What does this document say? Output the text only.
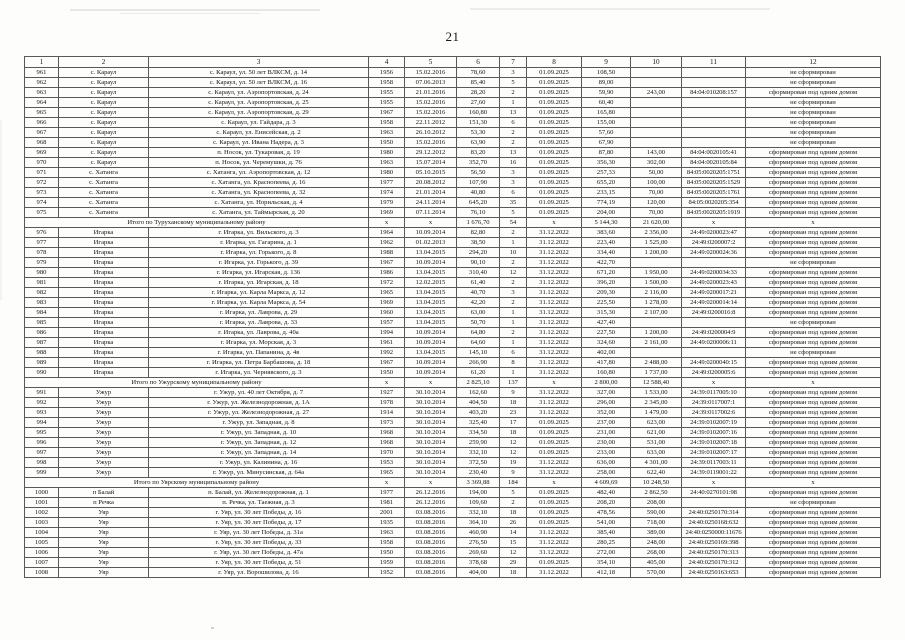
21
1	2	3	4	5	6	7	8	9	10	11	12
961	с. Караул	с. Караул, ул. 50 лет ВЛКСМ, д. 14	1956	15.02.2016	78,60	3	01.09.2025	108,50			не сформирован
962	с. Караул	с. Караул, ул. 50 лет ВЛКСМ, д. 16	1958	07.06.2013	85,40	5	01.09.2025	89,00			не сформирован
963	с. Караул	с. Караул, ул. Аэропортовская, д. 24	1955	21.01.2016	28,20	2	01.09.2025	59,90	243,00	84:04:010208:157	сформирован под одним домом
964	с. Караул	с. Караул, ул. Аэропортовская, д. 25	1955	15.02.2016	27,60	1	01.09.2025	60,40			не сформирован
965	с. Караул	с. Караул, ул. Аэропортовская, д. 29	1967	15.02.2016	160,80	13	01.09.2025	165,80			не сформирован
966	с. Караул	с. Караул, ул. Гайдара, д. 3	1958	22.11.2012	151,30	6	01.09.2025	155,00			не сформирован
967	с. Караул	с. Караул, ул. Енисейская, д. 2	1963	26.10.2012	53,30	2	01.09.2025	57,60			не сформирован
968	с. Караул	с. Караул, ул. Ивана Надера, д. 3	1950	15.02.2016	63,90	2	01.09.2025	67,90			не сформирован
969	с. Караул	п. Носок, ул. Тукаровая, д. 19	1980	29.12.2012	83,20	13	01.09.2025	87,80	143,00	84:04:0020105:41	сформирован под одним домом
970	с. Караул	п. Носок, ул. Черемушки, д. 76	1963	15.07.2014	352,70	16	01.09.2025	356,30	302,00	84:04:0020105:84	сформирован под одним домом
971	с. Хатанга	с. Хатанга, ул. Аэропортовская, д. 12	1980	05.10.2015	56,50	3	01.09.2025	257,33	50,00	84:05:0020205:1751	сформирован под одним домом
972	с. Хатанга	с. Хатанга, ул. Краснопеева, д. 16	1977	20.08.2012	107,90	3	01.09.2025	655,20	100,00	84:05:0020205:1529	сформирован под одним домом
973	с. Хатанга	с. Хатанга, ул. Краснопеева, д. 32	1974	21.01.2014	40,80	6	01.09.2025	233,15	70,00	84:05:0020205:1761	сформирован под одним домом
974	с. Хатанга	с. Хатанга, ул. Норильская, д. 4	1979	24.11.2014	645,20	35	01.09.2025	774,19	120,00	84:05:0020205:354	сформирован под одним домом
975	с. Хатанга	с. Хатанга, ул. Таймырская, д. 20	1969	07.11.2014	76,10	5	01.09.2025	204,00	70,00	84:05:0020205:1919	сформирован под одним домом
Итого по Туруханскому муниципальному району			х	х	1 676,70	54	х	5 144,30	21 620,00	х	х
976	Игарка	г. Игарка, ул. Вильского, д. 3	1964	10.09.2014	82,80	2	31.12.2022	383,60	2 356,00	24:49:0200023:47	сформирован под одним домом
977	Игарка	г. Игарка, ул. Гагарина, д. 1	1962	01.02.2013	38,50	1	31.12.2022	223,40	1 525,00	24:49:0200007:2	сформирован под одним домом
978	Игарка	г. Игарка, ул. Горького, д. 8	1988	13.04.2015	294,20	10	31.12.2022	334,40	1 200,00	24:49:0200024:36	сформирован под одним домом
979	Игарка	г. Игарка, ул. Горького, д. 39	1967	10.09.2014	90,10	2	31.12.2022	422,70			не сформирован
980	Игарка	г. Игарка, ул. Игарская, д. 136	1986	13.04.2015	310,40	12	31.12.2022	671,20	1 950,00	24:49:0200034:33	сформирован под одним домом
981	Игарка	г. Игарка, ул. Игарская, д. 18	1972	12.02.2015	61,40	2	31.12.2022	396,20	1 500,00	24:49:0200023:43	сформирован под одним домом
982	Игарка	г. Игарка, ул. Карла Маркса, д. 12	1965	13.04.2015	40,70	3	31.12.2022	209,30	2 116,00	24:49:0200017:21	сформирован под одним домом
983	Игарка	г. Игарка, ул. Карла Маркса, д. 54	1969	13.04.2015	42,20	2	31.12.2022	225,50	1 278,00	24:49:0200014:14	сформирован под одним домом
984	Игарка	г. Игарка, ул. Лаврова, д. 29	1960	13.04.2015	63,00	1	31.12.2022	315,30	2 107,00	24:49:0200016:8	сформирован под одним домом
985	Игарка	г. Игарка, ул. Лаврова, д. 33	1957	13.04.2015	50,70	1	31.12.2022	427,40			не сформирован
986	Игарка	г. Игарка, ул. Лаврова, д. 40а	1994	10.09.2014	64,80	2	31.12.2022	227,50	1 200,00	24:49:0200004:9	сформирован под одним домом
987	Игарка	г. Игарка, ул. Морская, д. 3	1961	10.09.2014	64,60	1	31.12.2022	324,60	2 161,00	24:49:0200006:11	сформирован под одним домом
988	Игарка	г. Игарка, ул. Папанина, д. 4в	1992	13.04.2015	145,10	6	31.12.2022	402,00			не сформирован
989	Игарка	г. Игарка, ул. Петра Барбашова, д. 18	1967	10.09.2014	266,90	8	31.12.2022	417,80	2 488,00	24:49:0200040:15	сформирован под одним домом
990	Игарка	г. Игарка, ул. Чернявского, д. 3	1950	10.09.2014	61,20	1	31.12.2022	160,80	1 737,00	24:49:0200005:6	сформирован под одним домом
Итого по Ужурскому муниципальному району			х	х	2 825,10	137	х	2 800,00	12 588,40	х	х
991	Ужур	г. Ужур, ул. 40 лет Октября, д. 7	1927	30.10.2014	162,60	9	31.12.2022	327,00	1 533,00	24:39:0117005:10	сформирован под одним домом
992	Ужур	г. Ужур, ул. Железнодорожная, д. 1А	1978	30.10.2014	404,50	18	31.12.2022	296,00	2 345,00	24:39:0117007:1	сформирован под одним домом
993	Ужур	г. Ужур, ул. Железнодорожная, д. 27	1914	30.10.2014	403,20	23	31.12.2022	352,00	1 479,00	24:39:0117002:6	сформирован под одним домом
994	Ужур	г. Ужур, ул. Западная, д. 8	1973	30.10.2014	325,40	17	01.09.2025	237,00	623,00	24:39:0102007:19	сформирован под одним домом
995	Ужур	г. Ужур, ул. Западная, д. 10	1968	30.10.2014	334,50	18	01.09.2025	231,00	621,00	24:39:0102007:16	сформирован под одним домом
996	Ужур	г. Ужур, ул. Западная, д. 12	1968	30.10.2014	259,90	12	01.09.2025	230,00	531,00	24:39:0102007:18	сформирован под одним домом
997	Ужур	г. Ужур, ул. Западная, д. 14	1970	30.10.2014	332,10	12	01.09.2025	233,00	633,00	24:39:0102007:17	сформирован под одним домом
998	Ужур	г. Ужур, ул. Калинина, д. 16	1953	30.10.2014	372,50	19	31.12.2022	636,00	4 301,00	24:39:0117003:11	сформирован под одним домом
999	Ужур	г. Ужур, ул. Минусинская, д. 64а	1965	30.10.2014	230,40	9	31.12.2022	258,00	622,40	24:39:0119001:22	сформирован под одним домом
Итого по Уярскому муниципальному району			х	х	3 369,88	184	х	4 609,69	10 248,50	х	х
1000	п Балай	п. Балай, ул. Железнодорожная, д. 1	1977	26.12.2016	194,00	5	01.09.2025	482,40	2 862,50	24:40:0270101:98	сформирован под одним домом
1001	п Речка	п. Речка, ул. Таежная, д. 3	1981	26.12.2016	109,60	2	01.09.2025	208,20	208,00		не сформирован
1002	Уяр	г. Уяр, ул. 30 лет Победы, д. 16	2001	03.08.2016	332,10	18	01.09.2025	478,56	590,00	24:40:0250170:314	сформирован под одним домом
1003	Уяр	г. Уяр, ул. 30 лет Победы, д. 17	1935	03.08.2016	364,10	26	01.09.2025	541,00	718,00	24:40:0250168:632	сформирован под одним домом
1004	Уяр	г. Уяр, ул. 30 лет Победы, д. 31а	1963	03.08.2016	460,90	14	31.12.2022	385,40	389,00	24:40:0250000:11676	сформирован под одним домом
1005	Уяр	г. Уяр, ул. 30 лет Победы, д. 33	1958	03.08.2016	276,50	15	31.12.2022	280,25	248,00	24:40:0250169:398	сформирован под одним домом
1006	Уяр	г. Уяр, ул. 30 лет Победы, д. 47а	1950	03.08.2016	269,60	12	31.12.2022	272,00	268,00	24:40:0250170:313	сформирован под одним домом
1007	Уяр	г. Уяр, ул. 30 лет Победы, д. 51	1959	03.08.2016	378,68	29	01.09.2025	354,10	405,00	24:40:0250170:312	сформирован под одним домом
1008	Уяр	г. Уяр, ул. Ворошилова, д. 16	1952	03.08.2016	404,00	18	31.12.2022	412,18	570,00	24:40:0250163:653	сформирован под одним домом
